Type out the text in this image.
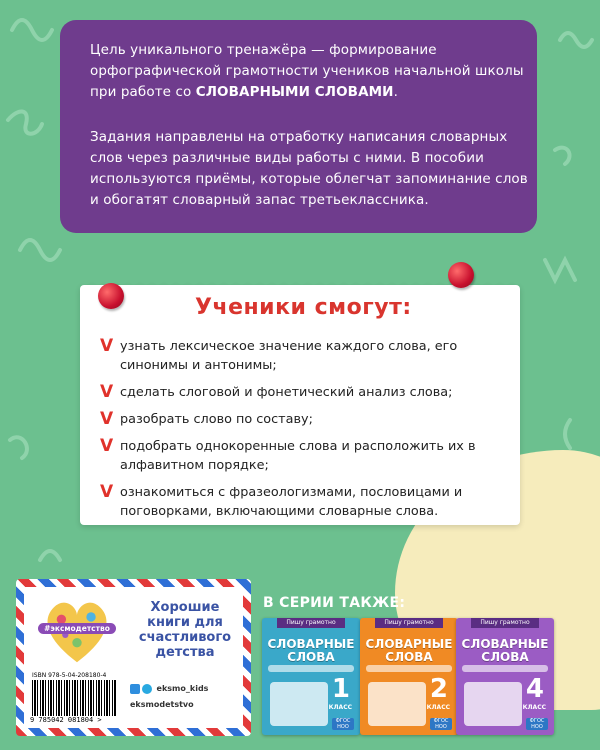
Цель уникального тренажёра — формирование орфографической грамотности учеников начальной школы при работе со СЛОВАРНЫМИ СЛОВАМИ.

Задания направлены на отработку написания словарных слов через различные виды работы с ними. В пособии используются приёмы, которые облегчат запоминание слов и обогатят словарный запас третьеклассника.

Ученики смогут:
V узнать лексическое значение каждого слова, его синонимы и антонимы;
V сделать слоговой и фонетический анализ слова;
V разобрать слово по составу;
V подобрать однокоренные слова и расположить их в алфавитном порядке;
V ознакомиться с фразеологизмами, пословицами и поговорками, включающими словарные слова.
#эксмодетство
Хорошие книги для счастливого детства
ISBN 978-5-04-208180-4
9 785042 081804 >
eksmo_kids
eksmodetstvo
В СЕРИИ ТАКЖЕ:
Пишу грамотно
СЛОВАРНЫЕ СЛОВА
1
КЛАСС
ФГОС НОО
Пишу грамотно
СЛОВАРНЫЕ СЛОВА
2
КЛАСС
ФГОС НОО
Пишу грамотно
СЛОВАРНЫЕ СЛОВА
4
КЛАСС
ФГОС НОО
